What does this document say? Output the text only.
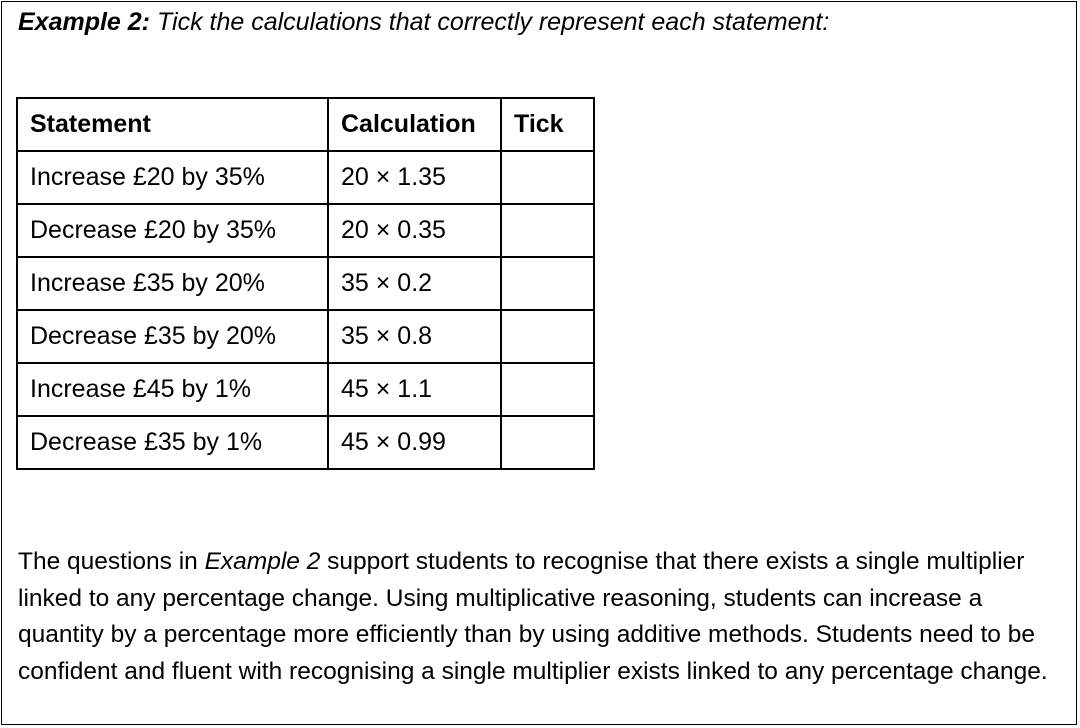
Example 2: Tick the calculations that correctly represent each statement:
Statement	Calculation	Tick
Increase £20 by 35%	20 × 1.35	
Decrease £20 by 35%	20 × 0.35	
Increase £35 by 20%	35 × 0.2	
Decrease £35 by 20%	35 × 0.8	
Increase £45 by 1%	45 × 1.1	
Decrease £35 by 1%	45 × 0.99	

The questions in Example 2 support students to recognise that there exists a single multiplier linked to any percentage change. Using multiplicative reasoning, students can increase a quantity by a percentage more efficiently than by using additive methods. Students need to be confident and fluent with recognising a single multiplier exists linked to any percentage change.
